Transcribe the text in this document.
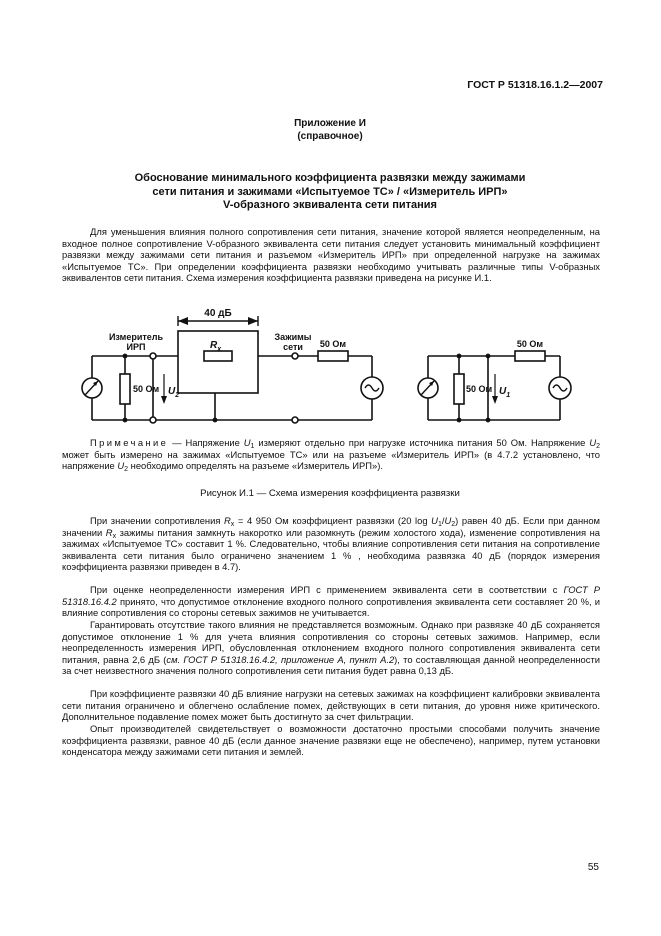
ГОСТ Р 51318.16.1.2—2007
Приложение И
(справочное)
Обоснование минимального коэффициента развязки между зажимами
сети питания и зажимами «Испытуемое ТС» / «Измеритель ИРП»
V-образного эквивалента сети питания

Для уменьшения влияния полного сопротивления сети питания, значение которой является неопределенным, на входное полное сопротивление V-образного эквивалента сети питания следует установить минимальный коэффициент развязки между зажимами сети питания и разъемом «Измеритель ИРП» при определенной нагрузке на зажимах «Испытуемое ТС». При определении коэффициента развязки необходимо учитывать различные типы V-образных эквивалентов сети питания. Схема измерения коэффициента развязки приведена на рисунке И.1.

40 дБ
Измеритель
ИРП
Зажимы
сети 50 Ом
50 Ом $U_2$
$R_x$
50 Ом
50 Ом $U_1$

Примечание — Напряжение $U_1$ измеряют отдельно при нагрузке источника питания 50 Ом. Напряжение $U_2$ может быть измерено на зажимах «Испытуемое ТС» или на разъеме «Измеритель ИРП» (в 4.7.2 установлено, что напряжение $U_2$ необходимо определять на разъеме «Измеритель ИРП»).

Рисунок И.1 — Схема измерения коэффициента развязки

При значении сопротивления $R_x = 4$ 950 Ом коэффициент развязки (20 $\log U_1/U_2$) равен 40 дБ. Если при данном значении $R_x$ зажимы питания замкнуть накоротко или разомкнуть (режим холостого хода), изменение сопротивления на зажимах «Испытуемое ТС» составит 1 %. Следовательно, чтобы влияние сопротивления сети питания на сопротивление эквивалента сети питания было ограничено значением 1 % , необходима развязка 40 дБ (порядок измерения коэффициента развязки приведен в 4.7).

При оценке неопределенности измерения ИРП с применением эквивалента сети в соответствии с ГОСТ Р 51318.16.4.2 принято, что допустимое отклонение входного полного сопротивления эквивалента сети составляет 20 %, и влияние сопротивления со стороны сетевых зажимов не учитывается.

Гарантировать отсутствие такого влияния не представляется возможным. Однако при развязке 40 дБ сохраняется допустимое отклонение 1 % для учета влияния сопротивления со стороны сетевых зажимов. Например, если неопределенность измерения ИРП, обусловленная отклонением входного полного сопротивления эквивалента сети питания, равна 2,6 дБ (см. ГОСТ Р 51318.16.4.2, приложение А, пункт А.2), то составляющая данной неопределенности за счет неизвестного значения полного сопротивления сети питания будет равна 0,13 дБ.

При коэффициенте развязки 40 дБ влияние нагрузки на сетевых зажимах на коэффициент калибровки эквивалента сети питания ограничено и облегчено ослабление помех, действующих в сети питания, до уровня ниже критического. Дополнительное подавление помех может быть достигнуто за счет фильтрации.

Опыт производителей свидетельствует о возможности достаточно простыми способами получить значение коэффициента развязки, равное 40 дБ (если данное значение развязки еще не обеспечено), например, путем установки конденсатора между зажимами сети питания и землей.

55
